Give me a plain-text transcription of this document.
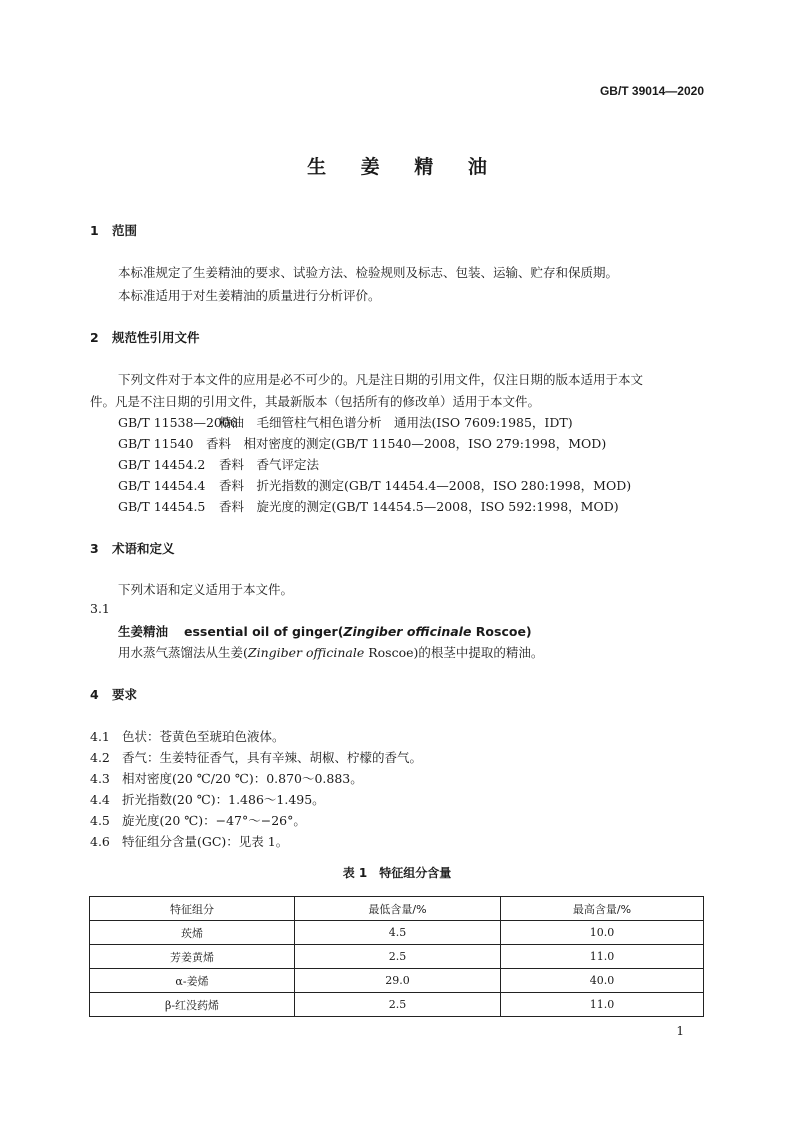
GB/T 39014—2020
生 姜 精 油
1 范围
本标准规定了生姜精油的要求、试验方法、检验规则及标志、包装、运输、贮存和保质期。
本标准适用于对生姜精油的质量进行分析评价。
2 规范性引用文件
下列文件对于本文件的应用是必不可少的。凡是注日期的引用文件，仅注日期的版本适用于本文
件。凡是不注日期的引用文件，其最新版本（包括所有的修改单）适用于本文件。
GB/T 11538—2006精油　毛细管柱气相色谱分析　通用法(ISO 7609:1985，IDT)
GB/T 11540 香料　相对密度的测定(GB/T 11540—2008，ISO 279:1998，MOD)
GB/T 14454.2 香料　香气评定法
GB/T 14454.4 香料　折光指数的测定(GB/T 14454.4—2008，ISO 280:1998，MOD)
GB/T 14454.5 香料　旋光度的测定(GB/T 14454.5—2008，ISO 592:1998，MOD)
3 术语和定义
下列术语和定义适用于本文件。
3.1
生姜精油 essential oil of ginger(Zingiber officinale Roscoe)
用水蒸气蒸馏法从生姜(Zingiber officinale Roscoe)的根茎中提取的精油。
4 要求
4.1 色状：苍黄色至琥珀色液体。
4.2 香气：生姜特征香气，具有辛辣、胡椒、柠檬的香气。
4.3 相对密度(20 ℃/20 ℃)：0.870～0.883。
4.4 折光指数(20 ℃)：1.486～1.495。
4.5 旋光度(20 ℃)：−47°～−26°。
4.6 特征组分含量(GC)：见表 1。
表 1　特征组分含量
特征组分	最低含量/%	最高含量/%
莰烯	4.5	10.0
芳姜黄烯	2.5	11.0
α-姜烯	29.0	40.0
β-红没药烯	2.5	11.0
1
